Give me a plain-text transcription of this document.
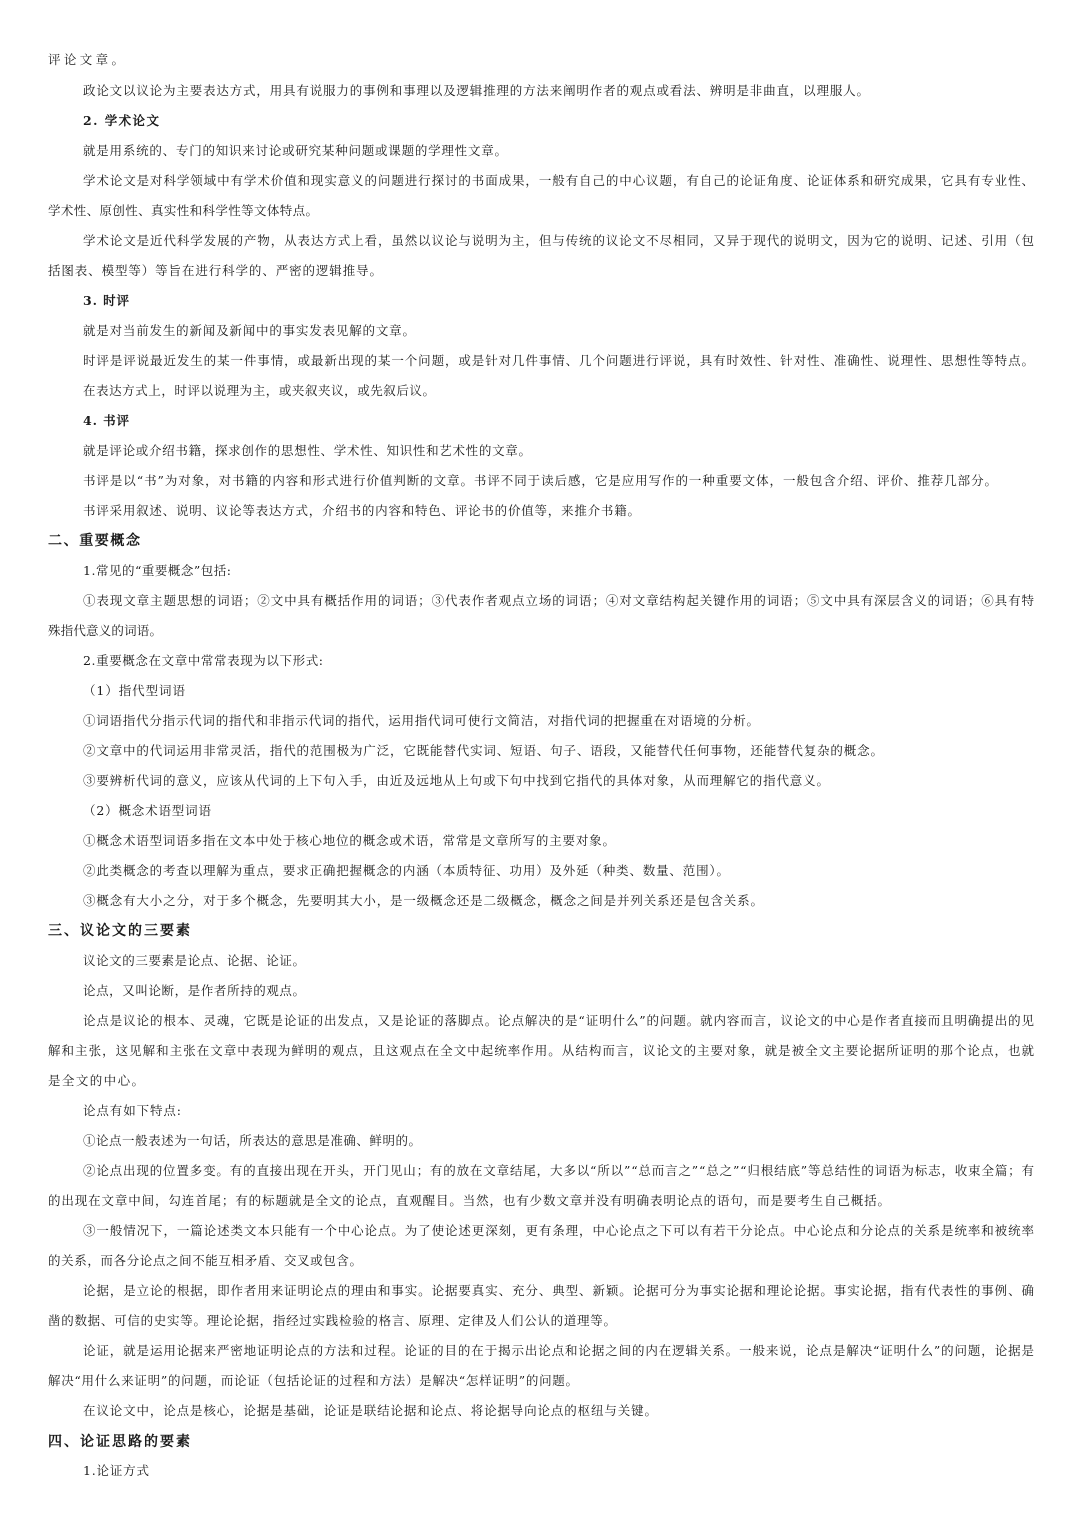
评论文章。
政论文以议论为主要表达方式，用具有说服力的事例和事理以及逻辑推理的方法来阐明作者的观点或看法、辨明是非曲直，以理服人。
2. 学术论文
就是用系统的、专门的知识来讨论或研究某种问题或课题的学理性文章。
学术论文是对科学领域中有学术价值和现实意义的问题进行探讨的书面成果，一般有自己的中心议题，有自己的论证角度、论证体系和研究成果，它具有专业性、
学术性、原创性、真实性和科学性等文体特点。
学术论文是近代科学发展的产物，从表达方式上看，虽然以议论与说明为主，但与传统的议论文不尽相同，又异于现代的说明文，因为它的说明、记述、引用（包
括图表、模型等）等旨在进行科学的、严密的逻辑推导。
3. 时评
就是对当前发生的新闻及新闻中的事实发表见解的文章。
时评是评说最近发生的某一件事情，或最新出现的某一个问题，或是针对几件事情、几个问题进行评说，具有时效性、针对性、准确性、说理性、思想性等特点。
在表达方式上，时评以说理为主，或夹叙夹议，或先叙后议。
4. 书评
就是评论或介绍书籍，探求创作的思想性、学术性、知识性和艺术性的文章。
书评是以“书”为对象，对书籍的内容和形式进行价值判断的文章。书评不同于读后感，它是应用写作的一种重要文体，一般包含介绍、评价、推荐几部分。
书评采用叙述、说明、议论等表达方式，介绍书的内容和特色、评论书的价值等，来推介书籍。
二、重要概念
1.常见的“重要概念”包括:
①表现文章主题思想的词语；②文中具有概括作用的词语；③代表作者观点立场的词语；④对文章结构起关键作用的词语；⑤文中具有深层含义的词语；⑥具有特
殊指代意义的词语。
2.重要概念在文章中常常表现为以下形式:
（1）指代型词语
①词语指代分指示代词的指代和非指示代词的指代，运用指代词可使行文简洁，对指代词的把握重在对语境的分析。
②文章中的代词运用非常灵活，指代的范围极为广泛，它既能替代实词、短语、句子、语段，又能替代任何事物，还能替代复杂的概念。
③要辨析代词的意义，应该从代词的上下句入手，由近及远地从上句或下句中找到它指代的具体对象，从而理解它的指代意义。
（2）概念术语型词语
①概念术语型词语多指在文本中处于核心地位的概念或术语，常常是文章所写的主要对象。
②此类概念的考查以理解为重点，要求正确把握概念的内涵（本质特征、功用）及外延（种类、数量、范围）。
③概念有大小之分，对于多个概念，先要明其大小，是一级概念还是二级概念，概念之间是并列关系还是包含关系。
三、议论文的三要素
议论文的三要素是论点、论据、论证。
论点，又叫论断，是作者所持的观点。
论点是议论的根本、灵魂，它既是论证的出发点，又是论证的落脚点。论点解决的是“证明什么”的问题。就内容而言，议论文的中心是作者直接而且明确提出的见
解和主张，这见解和主张在文章中表现为鲜明的观点，且这观点在全文中起统率作用。从结构而言，议论文的主要对象，就是被全文主要论据所证明的那个论点，也就
是全文的中心。
论点有如下特点:
①论点一般表述为一句话，所表达的意思是准确、鲜明的。
②论点出现的位置多变。有的直接出现在开头，开门见山；有的放在文章结尾，大多以“所以”“总而言之”“总之”“归根结底”等总结性的词语为标志，收束全篇；有
的出现在文章中间，勾连首尾；有的标题就是全文的论点，直观醒目。当然，也有少数文章并没有明确表明论点的语句，而是要考生自己概括。
③一般情况下，一篇论述类文本只能有一个中心论点。为了使论述更深刻，更有条理，中心论点之下可以有若干分论点。中心论点和分论点的关系是统率和被统率
的关系，而各分论点之间不能互相矛盾、交叉或包含。
论据，是立论的根据，即作者用来证明论点的理由和事实。论据要真实、充分、典型、新颖。论据可分为事实论据和理论论据。事实论据，指有代表性的事例、确
凿的数据、可信的史实等。理论论据，指经过实践检验的格言、原理、定律及人们公认的道理等。
论证，就是运用论据来严密地证明论点的方法和过程。论证的目的在于揭示出论点和论据之间的内在逻辑关系。一般来说，论点是解决“证明什么”的问题，论据是
解决“用什么来证明”的问题，而论证（包括论证的过程和方法）是解决“怎样证明”的问题。
在议论文中，论点是核心，论据是基础，论证是联结论据和论点、将论据导向论点的枢纽与关键。
四、论证思路的要素
1.论证方式
